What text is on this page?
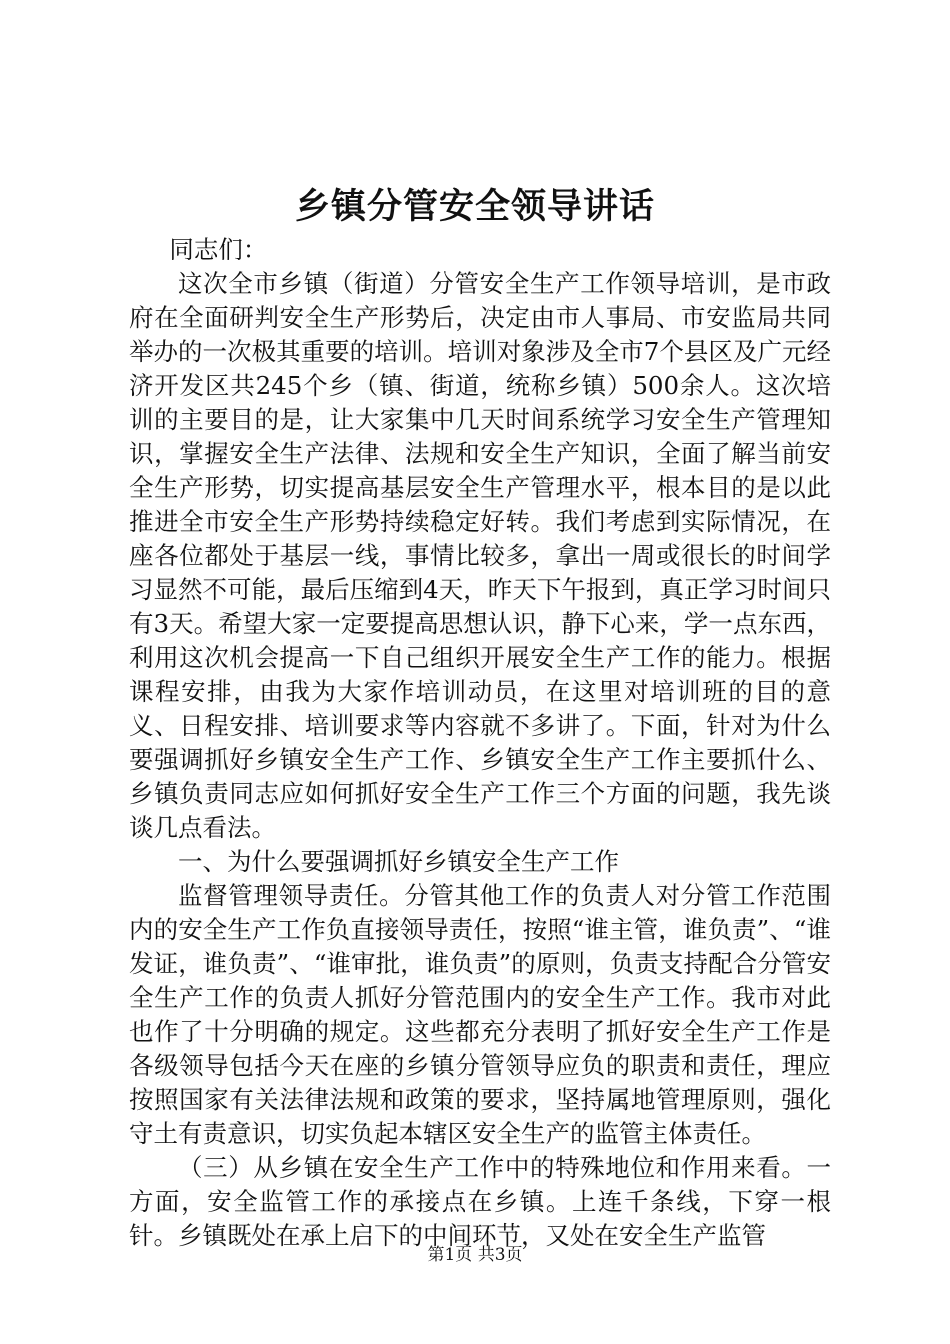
乡镇分管安全领导讲话

同志们：

这次全市乡镇（街道）分管安全生产工作领导培训，是市政府在全面研判安全生产形势后，决定由市人事局、市安监局共同举办的一次极其重要的培训。培训对象涉及全市7个县区及广元经济开发区共245个乡（镇、街道，统称乡镇）500余人。这次培训的主要目的是，让大家集中几天时间系统学习安全生产管理知识，掌握安全生产法律、法规和安全生产知识，全面了解当前安全生产形势，切实提高基层安全生产管理水平，根本目的是以此推进全市安全生产形势持续稳定好转。我们考虑到实际情况，在座各位都处于基层一线，事情比较多，拿出一周或很长的时间学习显然不可能，最后压缩到4天，昨天下午报到，真正学习时间只有3天。希望大家一定要提高思想认识，静下心来，学一点东西，利用这次机会提高一下自己组织开展安全生产工作的能力。根据课程安排，由我为大家作培训动员，在这里对培训班的目的意义、日程安排、培训要求等内容就不多讲了。下面，针对为什么要强调抓好乡镇安全生产工作、乡镇安全生产工作主要抓什么、乡镇负责同志应如何抓好安全生产工作三个方面的问题，我先谈谈几点看法。

一、为什么要强调抓好乡镇安全生产工作

监督管理领导责任。分管其他工作的负责人对分管工作范围内的安全生产工作负直接领导责任，按照“谁主管，谁负责”、“谁发证，谁负责”、“谁审批，谁负责”的原则，负责支持配合分管安全生产工作的负责人抓好分管范围内的安全生产工作。我市对此也作了十分明确的规定。这些都充分表明了抓好安全生产工作是各级领导包括今天在座的乡镇分管领导应负的职责和责任，理应按照国家有关法律法规和政策的要求，坚持属地管理原则，强化守土有责意识，切实负起本辖区安全生产的监管主体责任。

（三）从乡镇在安全生产工作中的特殊地位和作用来看。一方面，安全监管工作的承接点在乡镇。上连千条线，下穿一根针。乡镇既处在承上启下的中间环节，又处在安全生产监管

第1页 共3页
